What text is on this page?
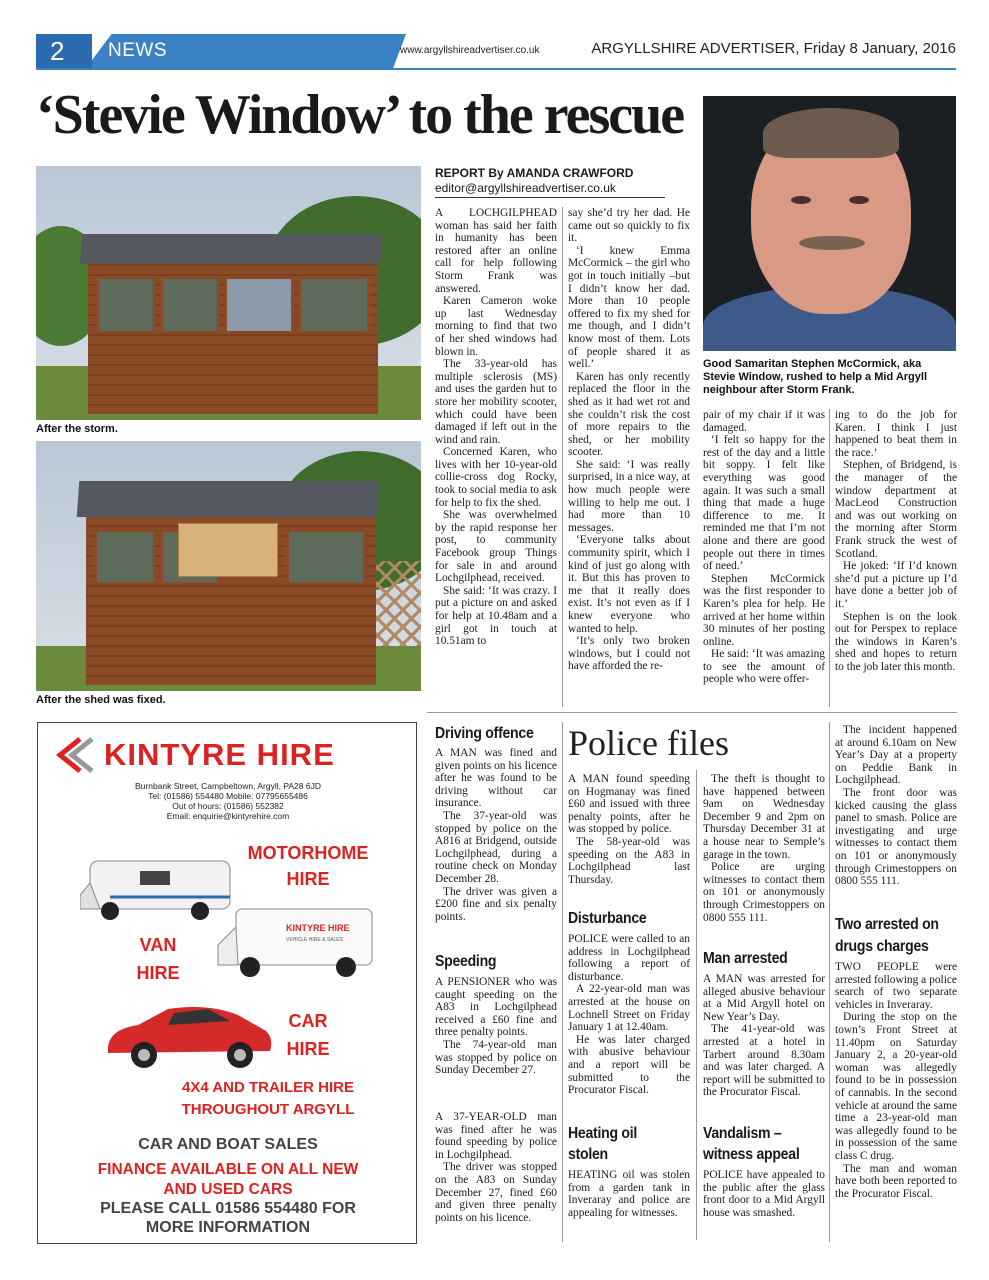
2	NEWS	www.argyllshireadvertiser.co.uk	ARGYLLSHIRE ADVERTISER, Friday 8 January, 2016
‘Stevie Window’ to the rescue
After the storm.
After the shed was fixed.
REPORT By AMANDA CRAWFORD
editor@argyllshireadvertiser.co.uk

A LOCHGILPHEAD woman has said her faith in humanity has been restored after an online call for help following Storm Frank was answered.

Karen Cameron woke up last Wednesday morning to find that two of her shed windows had blown in.

The 33-year-old has multiple sclerosis (MS) and uses the garden hut to store her mobility scooter, which could have been damaged if left out in the wind and rain.

Concerned Karen, who lives with her 10-year-old collie-cross dog Rocky, took to social media to ask for help to fix the shed.

She was overwhelmed by the rapid response her post, to community Facebook group Things for sale in and around Lochgilphead, received.

She said: ‘It was crazy. I put a picture on and asked for help at 10.48am and a girl got in touch at 10.51am to

say she’d try her dad. He came out so quickly to fix it.

‘I knew Emma McCormick – the girl who got in touch initially –but I didn’t know her dad. More than 10 people offered to fix my shed for me though, and I didn’t know most of them. Lots of people shared it as well.’

Karen has only recently replaced the floor in the shed as it had wet rot and she couldn’t risk the cost of more repairs to the shed, or her mobility scooter.

She said: ‘I was really surprised, in a nice way, at how much people were willing to help me out. I had more than 10 messages.

‘Everyone talks about community spirit, which I kind of just go along with it. But this has proven to me that it really does exist. It’s not even as if I knew everyone who wanted to help.

‘It’s only two broken windows, but I could not have afforded the re-

Good Samaritan Stephen McCormick, aka Stevie Window, rushed to help a Mid Argyll neighbour after Storm Frank.

pair of my chair if it was damaged.

‘I felt so happy for the rest of the day and a little bit soppy. I felt like everything was good again. It was such a small thing that made a huge difference to me. It reminded me that I’m not alone and there are good people out there in times of need.’

Stephen McCormick was the first responder to Karen’s plea for help. He arrived at her home within 30 minutes of her posting online.

He said: ‘It was amazing to see the amount of people who were offer-

ing to do the job for Karen. I think I just happened to beat them in the race.’

Stephen, of Bridgend, is the manager of the window department at MacLeod Construction and was out working on the morning after Storm Frank struck the west of Scotland.

He joked: ‘If I’d known she’d put a picture up I’d have done a better job of it.’

Stephen is on the look out for Perspex to replace the windows in Karen’s shed and hopes to return to the job later this month.

KINTYRE HIRE
Burnbank Street, Campbeltown, Argyll, PA28 6JD
Tel: (01586) 554480 Mobile: 07795655486
Out of hours: (01586) 552382
Email: enquirie@kintyrehire.com
KINTYRE HIRE
VEHICLE HIRE & SALES
MOTORHOME
HIRE
VAN
HIRE
CAR
HIRE
4X4 AND TRAILER HIRE
THROUGHOUT ARGYLL
CAR AND BOAT SALES
FINANCE AVAILABLE ON ALL NEW
AND USED CARS
PLEASE CALL 01586 554480 FOR
MORE INFORMATION
Driving offence

A MAN was fined and given points on his licence after he was found to be driving without car insurance.

The 37-year-old was stopped by police on the A816 at Bridgend, outside Lochgilphead, during a routine check on Monday December 28.

The driver was given a £200 fine and six penalty points.

Speeding

A PENSIONER who was caught speeding on the A83 in Lochgilphead received a £60 fine and three penalty points.

The 74-year-old man was stopped by police on Sunday December 27.

A 37-YEAR-OLD man was fined after he was found speeding by police in Lochgilphead.

The driver was stopped on the A83 on Sunday December 27, fined £60 and given three penalty points on his licence.

Police files

A MAN found speeding on Hogmanay was fined £60 and issued with three penalty points, after he was stopped by police.

The 58-year-old was speeding on the A83 in Lochgilphead last Thursday.

Disturbance

POLICE were called to an address in Lochgilphead following a report of disturbance.

A 22-year-old man was arrested at the house on Lochnell Street on Friday January 1 at 12.40am.

He was later charged with abusive behaviour and a report will be submitted to the Procurator Fiscal.

Heating oil
stolen

HEATING oil was stolen from a garden tank in Inveraray and police are appealing for witnesses.

The theft is thought to have happened between 9am on Wednesday December 9 and 2pm on Thursday December 31 at a house near to Semple’s garage in the town.

Police are urging witnesses to contact them on 101 or anonymously through Crimestoppers on 0800 555 111.

Man arrested

A MAN was arrested for alleged abusive behaviour at a Mid Argyll hotel on New Year’s Day.

The 41-year-old was arrested at a hotel in Tarbert around 8.30am and was later charged. A report will be submitted to the Procurator Fiscal.

Vandalism –
witness appeal

POLICE have appealed to the public after the glass front door to a Mid Argyll house was smashed.

The incident happened at around 6.10am on New Year’s Day at a property on Peddie Bank in Lochgilphead.

The front door was kicked causing the glass panel to smash. Police are investigating and urge witnesses to contact them on 101 or anonymously through Crimestoppers on 0800 555 111.

Two arrested on
drugs charges

TWO PEOPLE were arrested following a police search of two separate vehicles in Inveraray.

During the stop on the town’s Front Street at 11.40pm on Saturday January 2, a 20-year-old woman was allegedly found to be in possession of cannabis. In the second vehicle at around the same time a 23-year-old man was allegedly found to be in possession of the same class C drug.

The man and woman have both been reported to the Procurator Fiscal.
